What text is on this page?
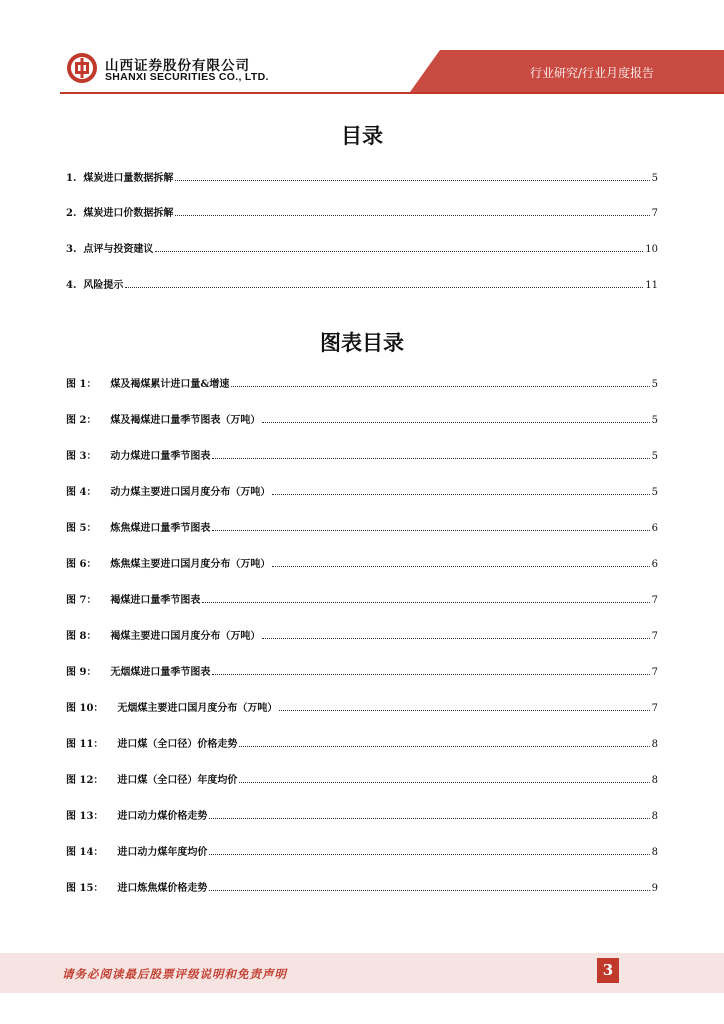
山西证券股份有限公司
SHANXI SECURITIES CO., LTD.	行业研究/行业月度报告
目录
1.  煤炭进口量数据拆解	5
2.  煤炭进口价数据拆解	7
3.  点评与投资建议	10
4.  风险提示	11
图表目录
图 1：    煤及褐煤累计进口量&增速	5
图 2：    煤及褐煤进口量季节图表（万吨）	5
图 3：    动力煤进口量季节图表	5
图 4：    动力煤主要进口国月度分布（万吨）	5
图 5：    炼焦煤进口量季节图表	6
图 6：    炼焦煤主要进口国月度分布（万吨）	6
图 7：    褐煤进口量季节图表	7
图 8：    褐煤主要进口国月度分布（万吨）	7
图 9：    无烟煤进口量季节图表	7
图 10：    无烟煤主要进口国月度分布（万吨）	7
图 11：    进口煤（全口径）价格走势	8
图 12：    进口煤（全口径）年度均价	8
图 13：    进口动力煤价格走势	8
图 14：    进口动力煤年度均价	8
图 15：    进口炼焦煤价格走势	9
请务必阅读最后股票评级说明和免责声明	3
